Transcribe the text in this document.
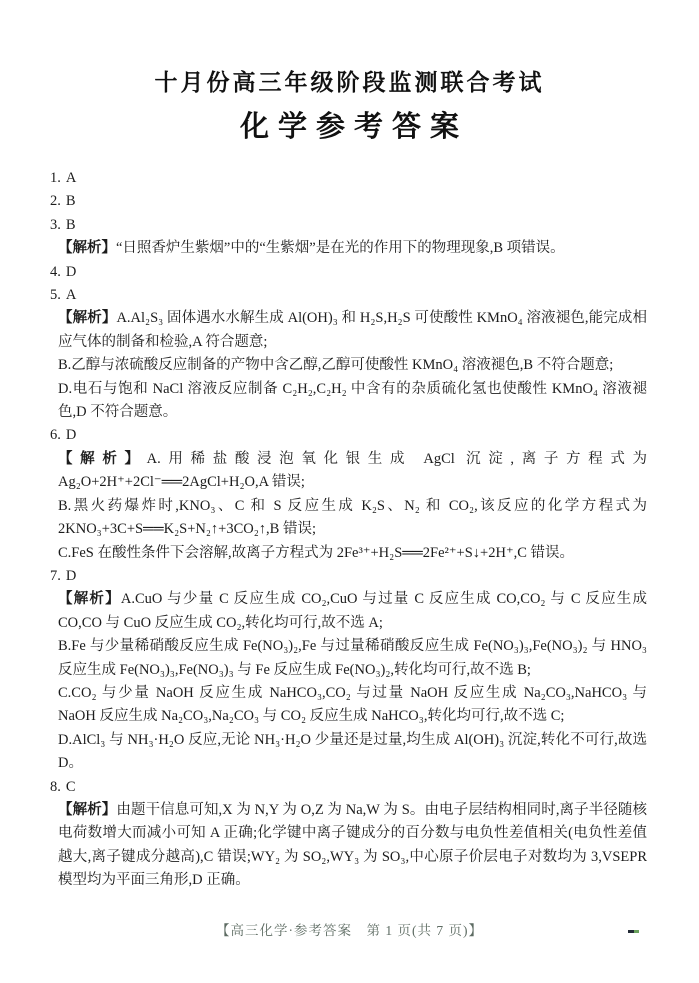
十月份高三年级阶段监测联合考试
化学参考答案

1. A

2. B

3. B

【解析】“日照香炉生紫烟”中的“生紫烟”是在光的作用下的物理现象,B 项错误。

4. D

5. A

【解析】A.Al₂S₃ 固体遇水水解生成 Al(OH)₃ 和 H₂S,H₂S 可使酸性 KMnO₄ 溶液褪色,能完成相应气体的制备和检验,A 符合题意;

B.乙醇与浓硫酸反应制备的产物中含乙醇,乙醇可使酸性 KMnO₄ 溶液褪色,B 不符合题意;

D.电石与饱和 NaCl 溶液反应制备 C₂H₂,C₂H₂ 中含有的杂质硫化氢也使酸性 KMnO₄ 溶液褪色,D 不符合题意。

6. D

【解析】A.用稀盐酸浸泡氧化银生成 AgCl 沉淀,离子方程式为 Ag₂O+2H⁺+2Cl⁻══2AgCl+H₂O,A 错误;

B.黑火药爆炸时,KNO₃、C 和 S 反应生成 K₂S、N₂ 和 CO₂,该反应的化学方程式为 2KNO₃+3C+S══K₂S+N₂↑+3CO₂↑,B 错误;

C.FeS 在酸性条件下会溶解,故离子方程式为 2Fe³⁺+H₂S══2Fe²⁺+S↓+2H⁺,C 错误。

7. D

【解析】A.CuO 与少量 C 反应生成 CO₂,CuO 与过量 C 反应生成 CO,CO₂ 与 C 反应生成 CO,CO 与 CuO 反应生成 CO₂,转化均可行,故不选 A;

B.Fe 与少量稀硝酸反应生成 Fe(NO₃)₂,Fe 与过量稀硝酸反应生成 Fe(NO₃)₃,Fe(NO₃)₂ 与 HNO₃ 反应生成 Fe(NO₃)₃,Fe(NO₃)₃ 与 Fe 反应生成 Fe(NO₃)₂,转化均可行,故不选 B;

C.CO₂ 与少量 NaOH 反应生成 NaHCO₃,CO₂ 与过量 NaOH 反应生成 Na₂CO₃,NaHCO₃ 与 NaOH 反应生成 Na₂CO₃,Na₂CO₃ 与 CO₂ 反应生成 NaHCO₃,转化均可行,故不选 C;

D.AlCl₃ 与 NH₃·H₂O 反应,无论 NH₃·H₂O 少量还是过量,均生成 Al(OH)₃ 沉淀,转化不可行,故选 D。

8. C

【解析】由题干信息可知,X 为 N,Y 为 O,Z 为 Na,W 为 S。由电子层结构相同时,离子半径随核电荷数增大而减小可知 A 正确;化学键中离子键成分的百分数与电负性差值相关(电负性差值越大,离子键成分越高),C 错误;WY₂ 为 SO₂,WY₃ 为 SO₃,中心原子价层电子对数均为 3,VSEPR 模型均为平面三角形,D 正确。

【高三化学·参考答案　第 1 页(共 7 页)】
